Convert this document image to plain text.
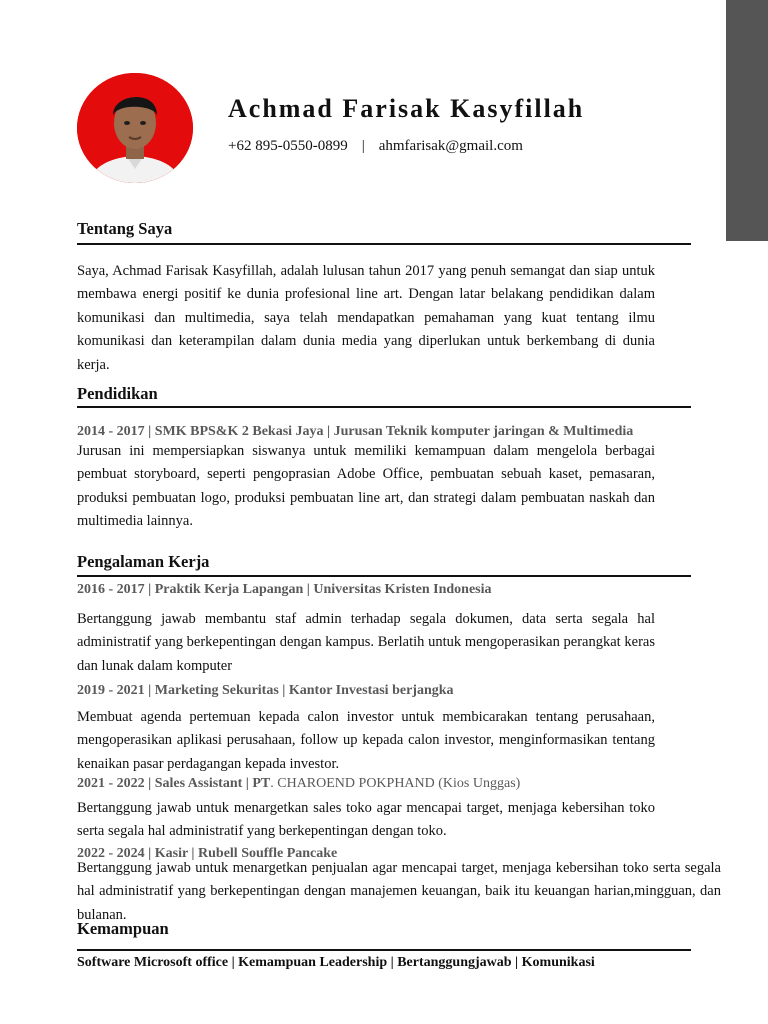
Achmad Farisak Kasyfillah
+62 895-0550-0899 | ahmfarisak@gmail.com
Tentang Saya

Saya, Achmad Farisak Kasyfillah, adalah lulusan tahun 2017 yang penuh semangat dan siap untuk membawa energi positif ke dunia profesional line art. Dengan latar belakang pendidikan dalam komunikasi dan multimedia, saya telah mendapatkan pemahaman yang kuat tentang ilmu komunikasi dan keterampilan dalam dunia media yang diperlukan untuk berkembang di dunia kerja.

Pendidikan

2014 - 2017 | SMK BPS&K 2 Bekasi Jaya | Jurusan Teknik komputer jaringan & Multimedia

Jurusan ini mempersiapkan siswanya untuk memiliki kemampuan dalam mengelola berbagai pembuat storyboard, seperti pengoprasian Adobe Office, pembuatan sebuah kaset, pemasaran, produksi pembuatan logo, produksi pembuatan line art, dan strategi dalam pembuatan naskah dan multimedia lainnya.

Pengalaman Kerja

2016 - 2017 | Praktik Kerja Lapangan | Universitas Kristen Indonesia

Bertanggung jawab membantu staf admin terhadap segala dokumen, data serta segala hal administratif yang berkepentingan dengan kampus. Berlatih untuk mengoperasikan perangkat keras dan lunak dalam komputer

2019 - 2021 | Marketing Sekuritas | Kantor Investasi berjangka

Membuat agenda pertemuan kepada calon investor untuk membicarakan tentang perusahaan, mengoperasikan aplikasi perusahaan, follow up kepada calon investor, menginformasikan tentang kenaikan pasar perdagangan kepada investor.

2021 - 2022 | Sales Assistant | PT. CHAROEND POKPHAND (Kios Unggas)

Bertanggung jawab untuk menargetkan sales toko agar mencapai target, menjaga kebersihan toko serta segala hal administratif yang berkepentingan dengan toko.

2022 - 2024 | Kasir | Rubell Souffle Pancake

Bertanggung jawab untuk menargetkan penjualan agar mencapai target, menjaga kebersihan toko serta segala hal administratif yang berkepentingan dengan manajemen keuangan, baik itu keuangan harian,mingguan, dan bulanan.

Kemampuan
Software Microsoft office | Kemampuan Leadership | Bertanggungjawab | Komunikasi
